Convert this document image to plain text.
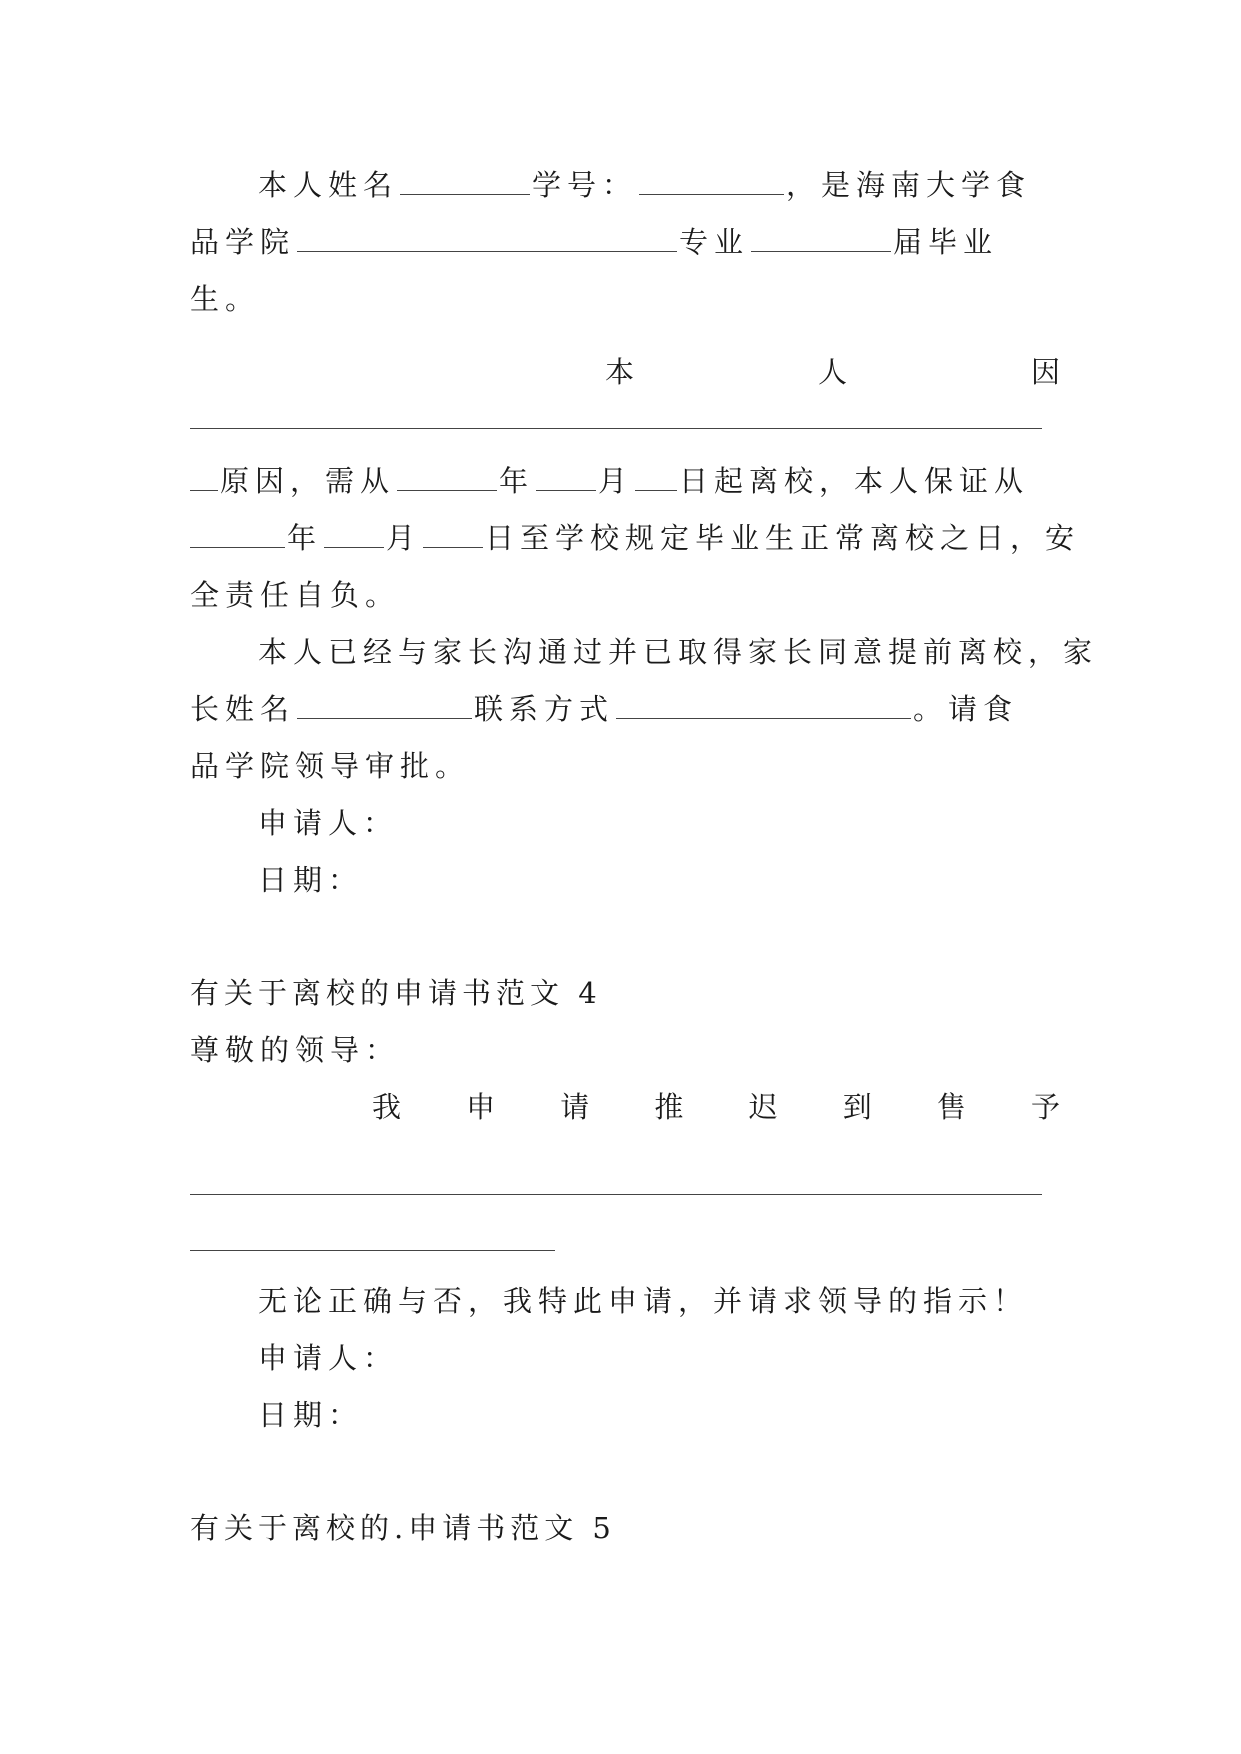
本人姓名	学号：	，是海南大学食
品学院	专业	届毕业
生。
本	人	因
原因，需从	年 月 日起离校，本人保证从
年 月 日至学校规定毕业生正常离校之日，安
全责任自负。
本人已经与家长沟通过并已取得家长同意提前离校，家
长姓名	联系方式	。请食
品学院领导审批。
申请人：
日期：
有关于离校的申请书范文 4
尊敬的领导：
我 申 请 推 迟 到 售 予
无论正确与否，我特此申请，并请求领导的指示！
申请人：
日期：
有关于离校的.申请书范文 5
